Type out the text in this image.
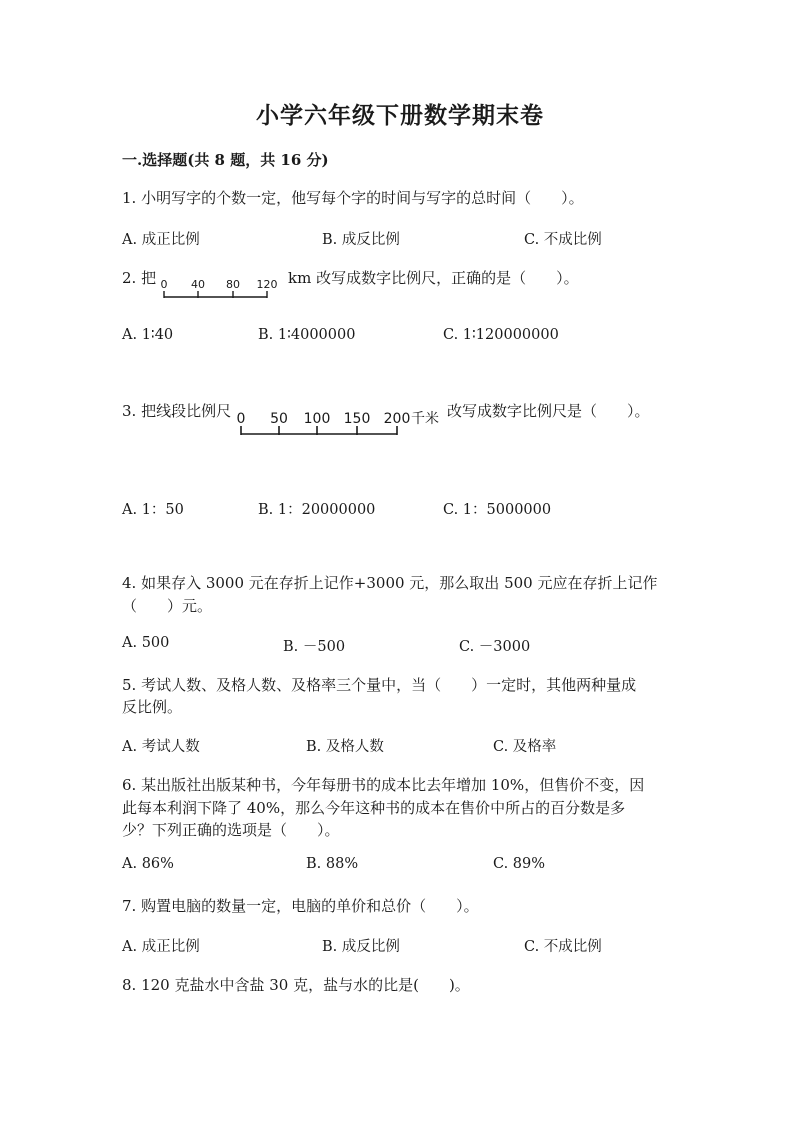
小学六年级下册数学期末卷
一.选择题(共 8 题，共 16 分)
1. 小明写字的个数一定，他写每个字的时间与写字的总时间（　　）。
A. 成正比例	B. 成反比例	C. 不成比例
2. 把 0 40 80 120 km 改写成数字比例尺，正确的是（　　）。
A. 1∶40	B. 1∶4000000	C. 1∶120000000
3. 把线段比例尺 0 50 100 150 200 千米 改写成数字比例尺是（　　）。
A. 1：50	B. 1：20000000	C. 1：5000000
4. 如果存入 3000 元在存折上记作+3000 元，那么取出 500 元应在存折上记作
（　　）元。
A. 500	B. －500	C. －3000
5. 考试人数、及格人数、及格率三个量中，当（　　）一定时，其他两种量成
反比例。
A. 考试人数	B. 及格人数	C. 及格率
6. 某出版社出版某种书，今年每册书的成本比去年增加 10%，但售价不变，因
此每本利润下降了 40%，那么今年这种书的成本在售价中所占的百分数是多
少？下列正确的选项是（　　）。
A. 86%	B. 88%	C. 89%
7. 购置电脑的数量一定，电脑的单价和总价（　　）。
A. 成正比例	B. 成反比例	C. 不成比例
8. 120 克盐水中含盐 30 克，盐与水的比是(　　)。
